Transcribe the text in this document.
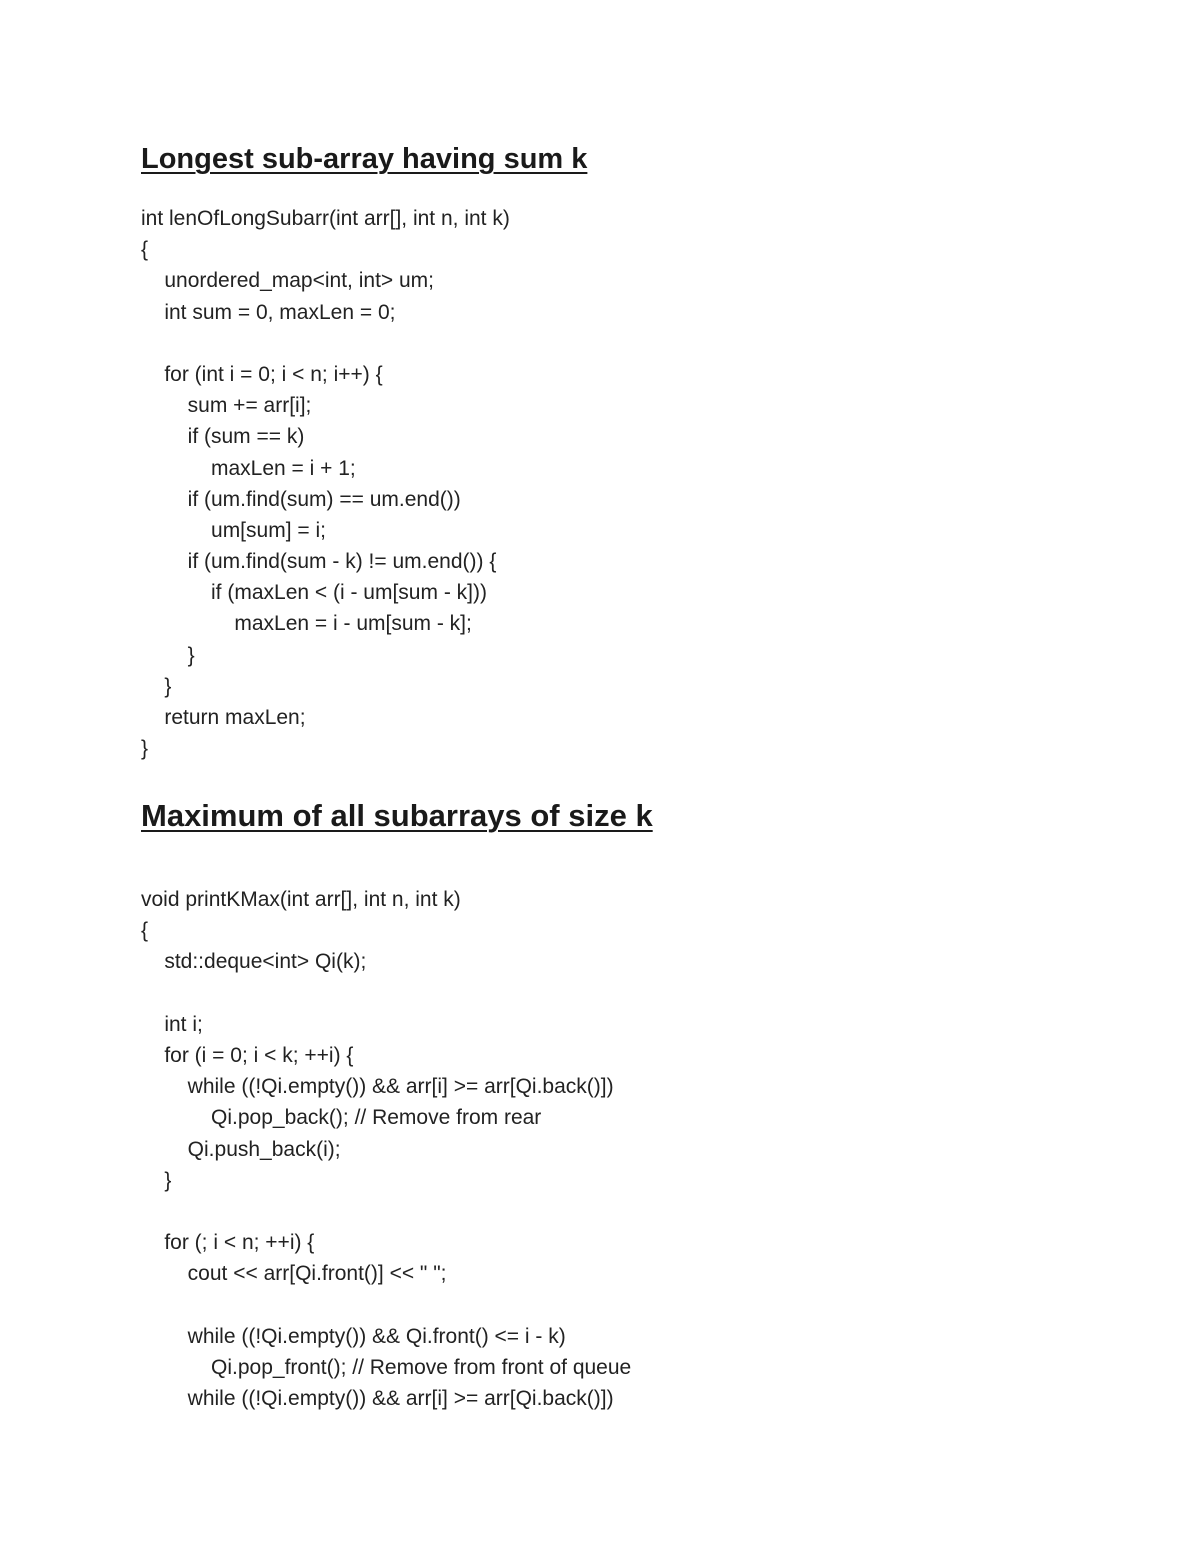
Longest sub-array having sum k
int lenOfLongSubarr(int arr[], int n, int k)
{
unordered_map<int, int> um;
int sum = 0, maxLen = 0;
for (int i = 0; i < n; i++) {
sum += arr[i];
if (sum == k)
maxLen = i + 1;
if (um.find(sum) == um.end())
um[sum] = i;
if (um.find(sum - k) != um.end()) {
if (maxLen < (i - um[sum - k]))
maxLen = i - um[sum - k];
}
}
return maxLen;
}
Maximum of all subarrays of size k
void printKMax(int arr[], int n, int k)
{
std::deque<int> Qi(k);
int i;
for (i = 0; i < k; ++i) {
while ((!Qi.empty()) && arr[i] >= arr[Qi.back()])
Qi.pop_back(); // Remove from rear
Qi.push_back(i);
}
for (; i < n; ++i) {
cout << arr[Qi.front()] << " ";
while ((!Qi.empty()) && Qi.front() <= i - k)
Qi.pop_front(); // Remove from front of queue
while ((!Qi.empty()) && arr[i] >= arr[Qi.back()])
